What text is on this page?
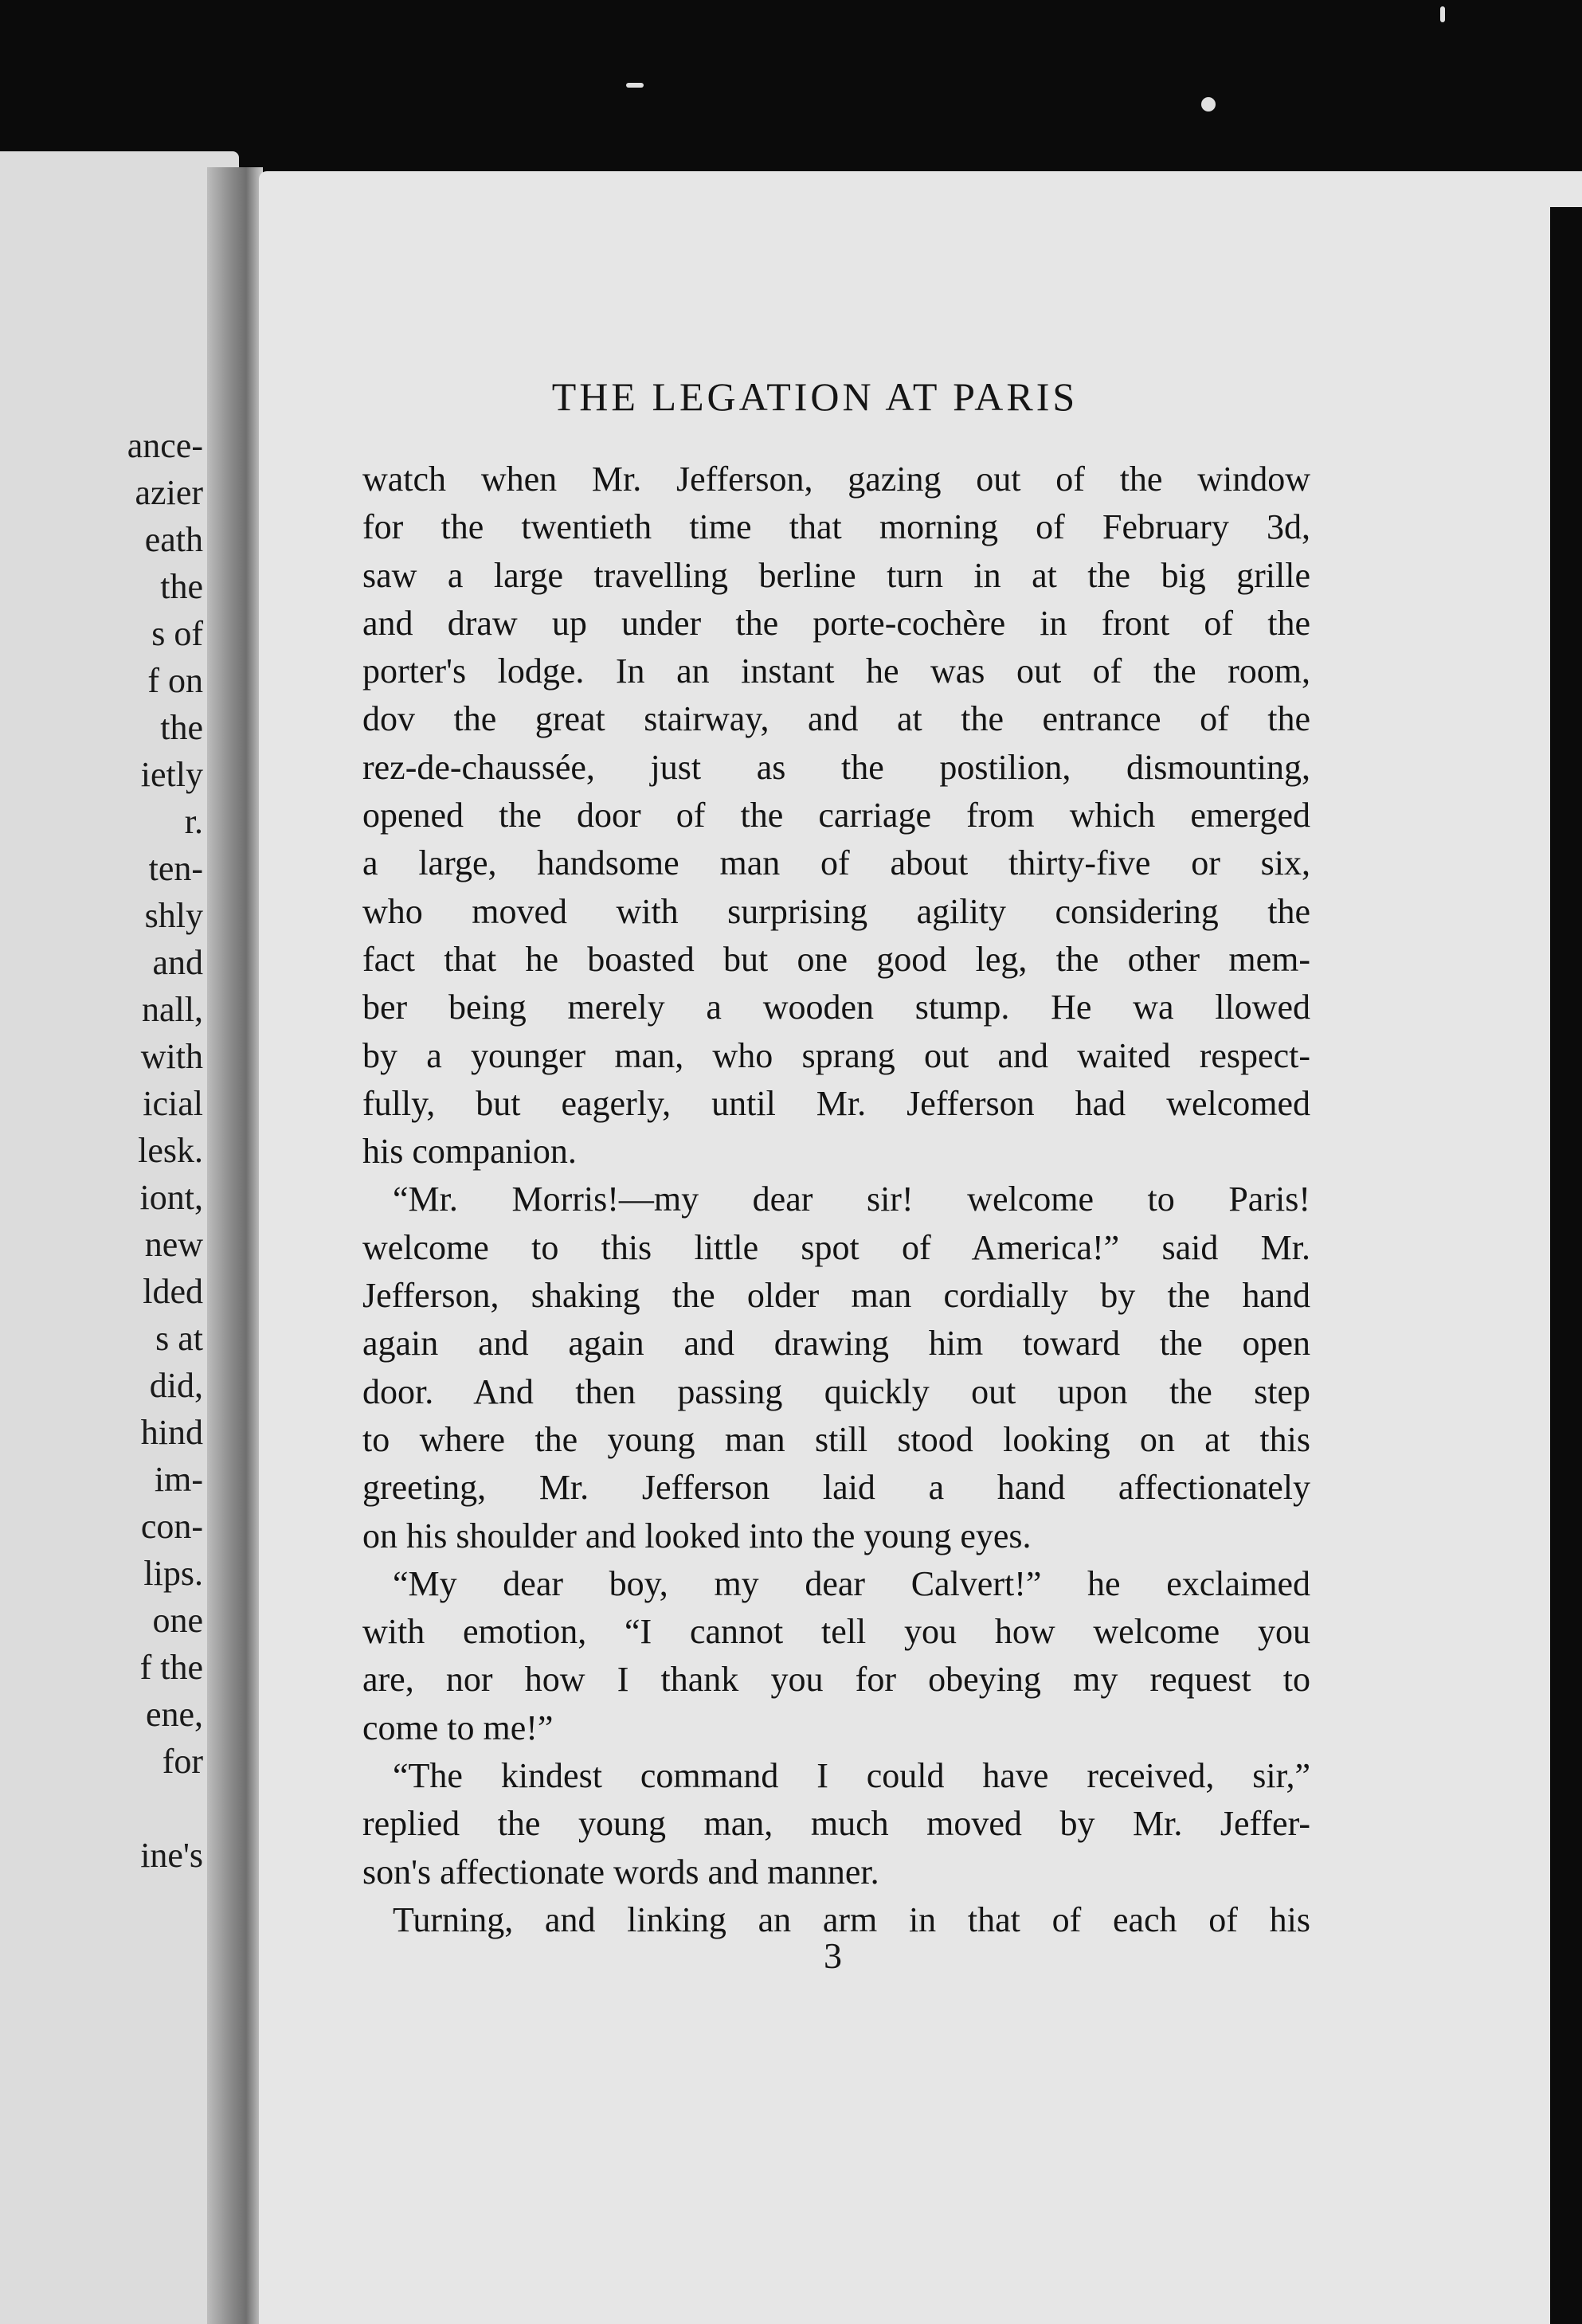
ance-
azier
eath
the
s of
f on
the
ietly
r.
ten-
shly
and
nall,
with
icial
lesk.
iont,
new
lded
s at
did,
hind
im-
con-
lips.
one
f the
ene,
for
ine's
THE LEGATION AT PARIS
watch when Mr. Jefferson, gazing out of the window
for the twentieth time that morning of February 3d,
saw a large travelling berline turn in at the big grille
and draw up under the porte-cochère in front of the
porter's lodge. In an instant he was out of the room,
dov the great stairway, and at the entrance of the
rez-de-chaussée, just as the postilion, dismounting,
opened the door of the carriage from which emerged
a large, handsome man of about thirty-five or six,
who moved with surprising agility considering the
fact that he boasted but one good leg, the other mem-
ber being merely a wooden stump. He wa llowed
by a younger man, who sprang out and waited respect-
fully, but eagerly, until Mr. Jefferson had welcomed
his companion.
“Mr. Morris!—my dear sir! welcome to Paris!
welcome to this little spot of America!” said Mr.
Jefferson, shaking the older man cordially by the hand
again and again and drawing him toward the open
door. And then passing quickly out upon the step
to where the young man still stood looking on at this
greeting, Mr. Jefferson laid a hand affectionately
on his shoulder and looked into the young eyes.
“My dear boy, my dear Calvert!” he exclaimed
with emotion, “I cannot tell you how welcome you
are, nor how I thank you for obeying my request to
come to me!”
“The kindest command I could have received, sir,”
replied the young man, much moved by Mr. Jeffer-
son's affectionate words and manner.
Turning, and linking an arm in that of each of his
3
